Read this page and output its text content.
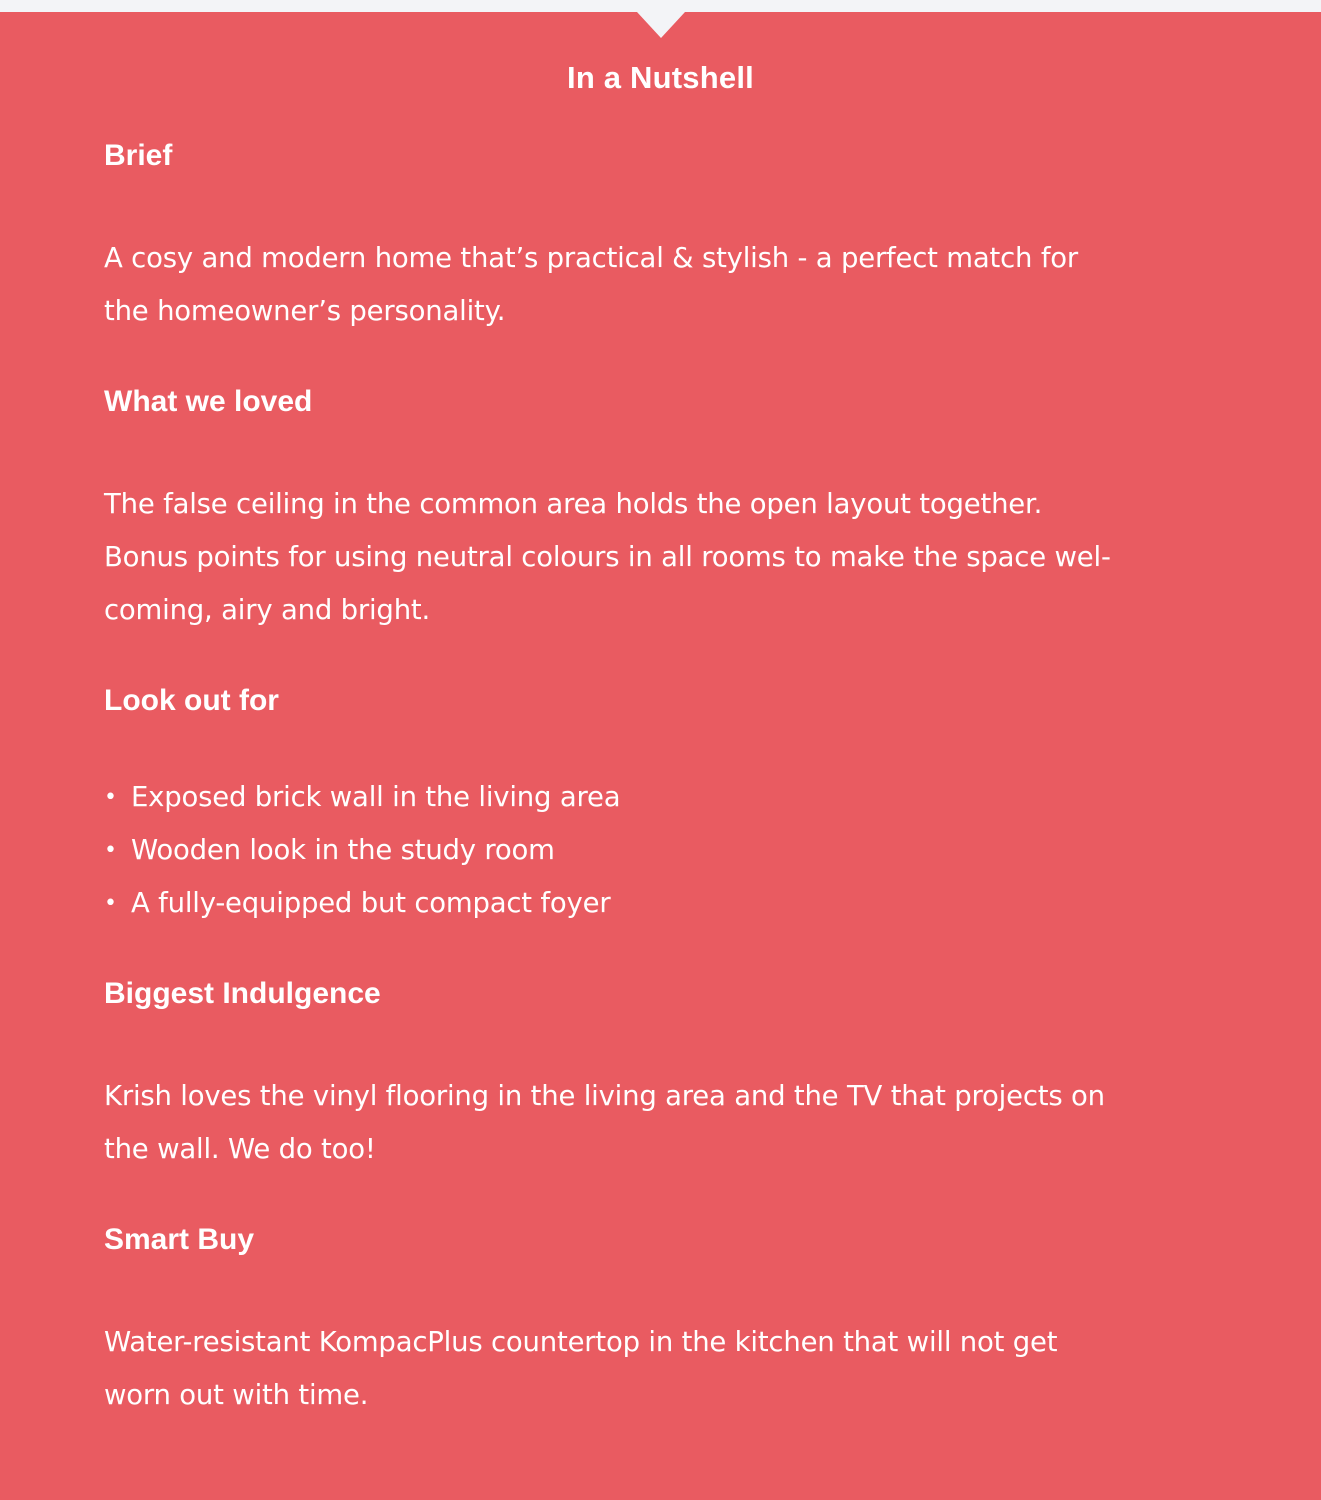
In a Nutshell
Brief
A cosy and modern home that’s practical & stylish - a perfect match for
the homeowner’s personality.
What we loved
The false ceiling in the common area holds the open layout together.
Bonus points for using neutral colours in all rooms to make the space wel-
coming, airy and bright.
Look out for
• Exposed brick wall in the living area
• Wooden look in the study room
• A fully-equipped but compact foyer
Biggest Indulgence
Krish loves the vinyl flooring in the living area and the TV that projects on
the wall. We do too!
Smart Buy
Water-resistant KompacPlus countertop in the kitchen that will not get
worn out with time.
